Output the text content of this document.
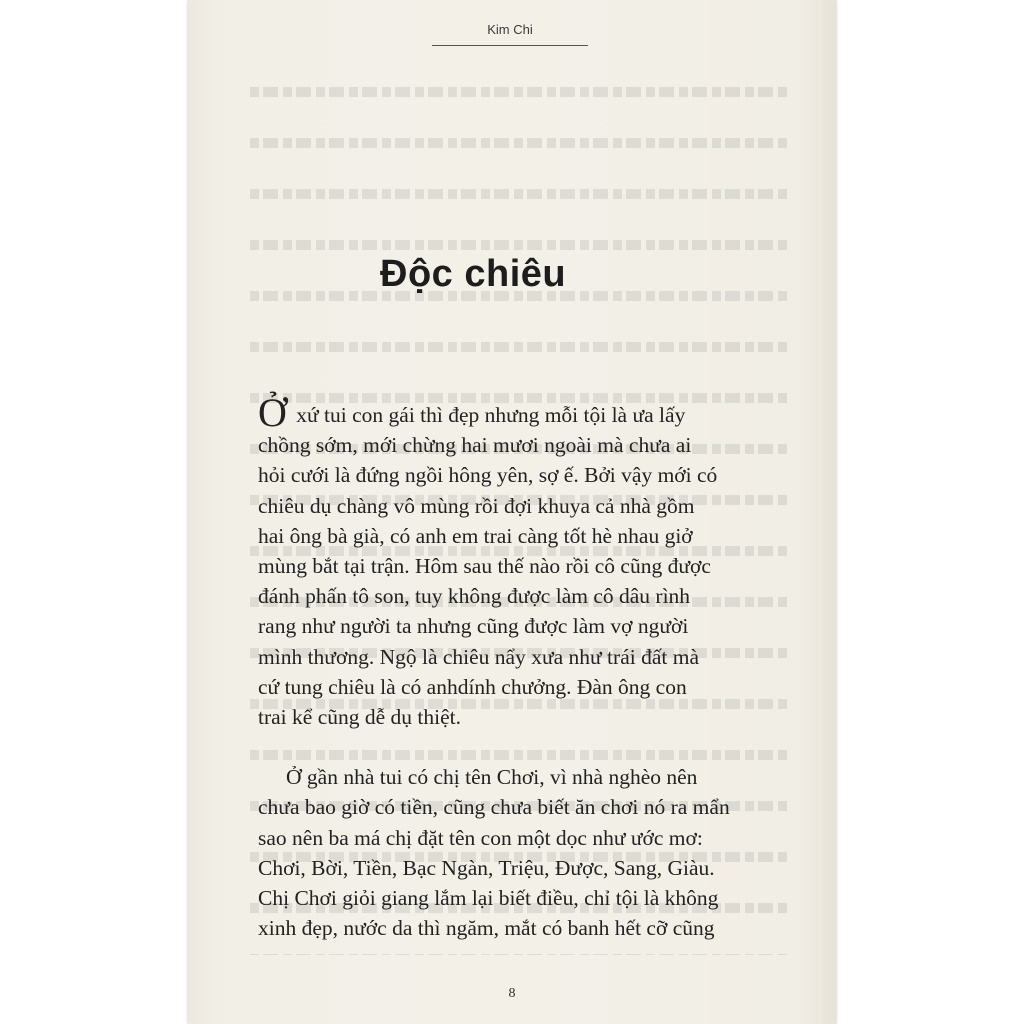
Kim Chi
Độc chiêu

Ở xứ tui con gái thì đẹp nhưng mỗi tội là ưa lấy
chồng sớm, mới chừng hai mươi ngoài mà chưa ai
hỏi cưới là đứng ngồi hông yên, sợ ế. Bởi vậy mới có
chiêu dụ chàng vô mùng rồi đợi khuya cả nhà gồm
hai ông bà già, có anh em trai càng tốt hè nhau giở
mùng bắt tại trận. Hôm sau thế nào rồi cô cũng được
đánh phấn tô son, tuy không được làm cô dâu rình
rang như người ta nhưng cũng được làm vợ người
mình thương. Ngộ là chiêu nẩy xưa như trái đất mà
cứ tung chiêu là có anhdính chưởng. Đàn ông con
trai kể cũng dễ dụ thiệt.

Ở gần nhà tui có chị tên Chơi, vì nhà nghèo nên
chưa bao giờ có tiền, cũng chưa biết ăn chơi nó ra mẩn
sao nên ba má chị đặt tên con một dọc như ước mơ:
Chơi, Bời, Tiền, Bạc Ngàn, Triệu, Được, Sang, Giàu.
Chị Chơi giỏi giang lắm lại biết điều, chỉ tội là không
xinh đẹp, nước da thì ngăm, mắt có banh hết cỡ cũng

8
